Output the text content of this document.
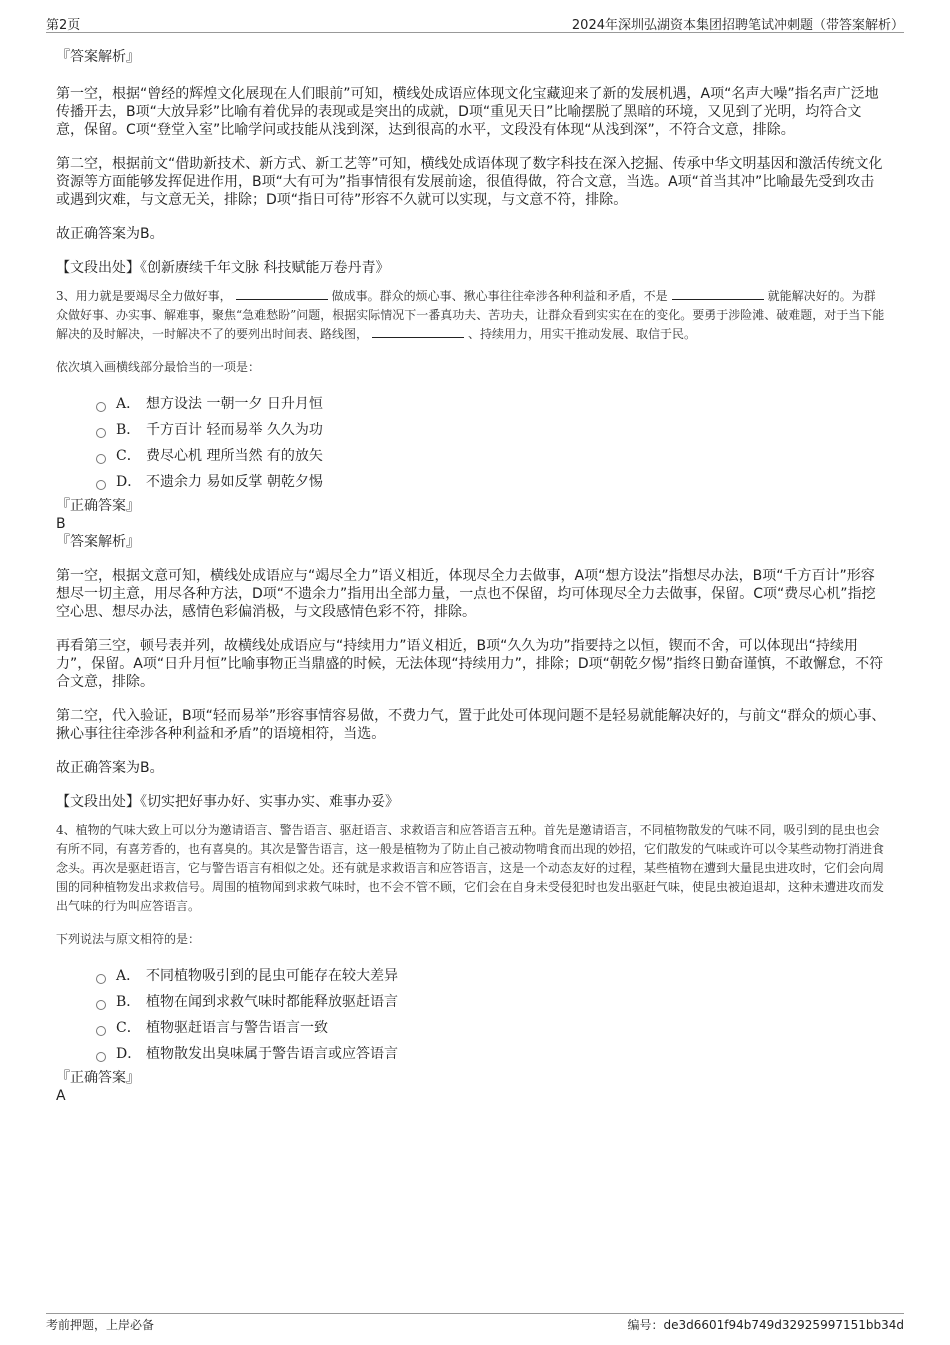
第2页	2024年深圳弘湖资本集团招聘笔试冲刺题（带答案解析）

『答案解析』

第一空，根据“曾经的辉煌文化展现在人们眼前”可知，横线处成语应体现文化宝藏迎来了新的发展机遇，A项“名声大噪”指名声广泛地传播开去，B项“大放异彩”比喻有着优异的表现或是突出的成就，D项“重见天日”比喻摆脱了黑暗的环境，又见到了光明，均符合文意，保留。C项“登堂入室”比喻学问或技能从浅到深，达到很高的水平，文段没有体现“从浅到深”，不符合文意，排除。

第二空，根据前文“借助新技术、新方式、新工艺等”可知，横线处成语体现了数字科技在深入挖掘、传承中华文明基因和激活传统文化资源等方面能够发挥促进作用，B项“大有可为”指事情很有发展前途，很值得做，符合文意，当选。A项“首当其冲”比喻最先受到攻击或遇到灾难，与文意无关，排除；D项“指日可待”形容不久就可以实现，与文意不符，排除。

故正确答案为B。

【文段出处】《创新赓续千年文脉 科技赋能万卷丹青》

3、用力就是要竭尽全力做好事，	做成事。群众的烦心事、揪心事往往牵涉各种利益和矛盾，不是	就能解决好的。为群众做好事、办实事、解难事，聚焦“急难愁盼”问题，根据实际情况下一番真功夫、苦功夫，让群众看到实实在在的变化。要勇于涉险滩、破难题，对于当下能解决的及时解决，一时解决不了的要列出时间表、路线图，	、持续用力，用实干推动发展、取信于民。

依次填入画横线部分最恰当的一项是：

A． 想方设法 一朝一夕 日升月恒
B． 千方百计 轻而易举 久久为功
C． 费尽心机 理所当然 有的放矢
D． 不遗余力 易如反掌 朝乾夕惕

『正确答案』

B

『答案解析』

第一空，根据文意可知，横线处成语应与“竭尽全力”语义相近，体现尽全力去做事，A项“想方设法”指想尽办法，B项“千方百计”形容想尽一切主意，用尽各种方法，D项“不遗余力”指用出全部力量，一点也不保留，均可体现尽全力去做事，保留。C项“费尽心机”指挖空心思、想尽办法，感情色彩偏消极，与文段感情色彩不符，排除。

再看第三空，顿号表并列，故横线处成语应与“持续用力”语义相近，B项“久久为功”指要持之以恒，锲而不舍，可以体现出“持续用力”，保留。A项“日升月恒”比喻事物正当鼎盛的时候，无法体现“持续用力”，排除；D项“朝乾夕惕”指终日勤奋谨慎，不敢懈怠，不符合文意，排除。

第二空，代入验证，B项“轻而易举”形容事情容易做，不费力气，置于此处可体现问题不是轻易就能解决好的，与前文“群众的烦心事、揪心事往往牵涉各种利益和矛盾”的语境相符，当选。

故正确答案为B。

【文段出处】《切实把好事办好、实事办实、难事办妥》

4、植物的气味大致上可以分为邀请语言、警告语言、驱赶语言、求救语言和应答语言五种。首先是邀请语言，不同植物散发的气味不同，吸引到的昆虫也会有所不同，有喜芳香的，也有喜臭的。其次是警告语言，这一般是植物为了防止自己被动物啃食而出现的妙招，它们散发的气味或许可以令某些动物打消进食念头。再次是驱赶语言，它与警告语言有相似之处。还有就是求救语言和应答语言，这是一个动态友好的过程，某些植物在遭到大量昆虫进攻时，它们会向周围的同种植物发出求救信号。周围的植物闻到求救气味时，也不会不管不顾，它们会在自身未受侵犯时也发出驱赶气味，使昆虫被迫退却，这种未遭进攻而发出气味的行为叫应答语言。

下列说法与原文相符的是：

A． 不同植物吸引到的昆虫可能存在较大差异
B． 植物在闻到求救气味时都能释放驱赶语言
C． 植物驱赶语言与警告语言一致
D． 植物散发出臭味属于警告语言或应答语言

『正确答案』

A

考前押题，上岸必备	编号：de3d6601f94b749d32925997151bb34d
